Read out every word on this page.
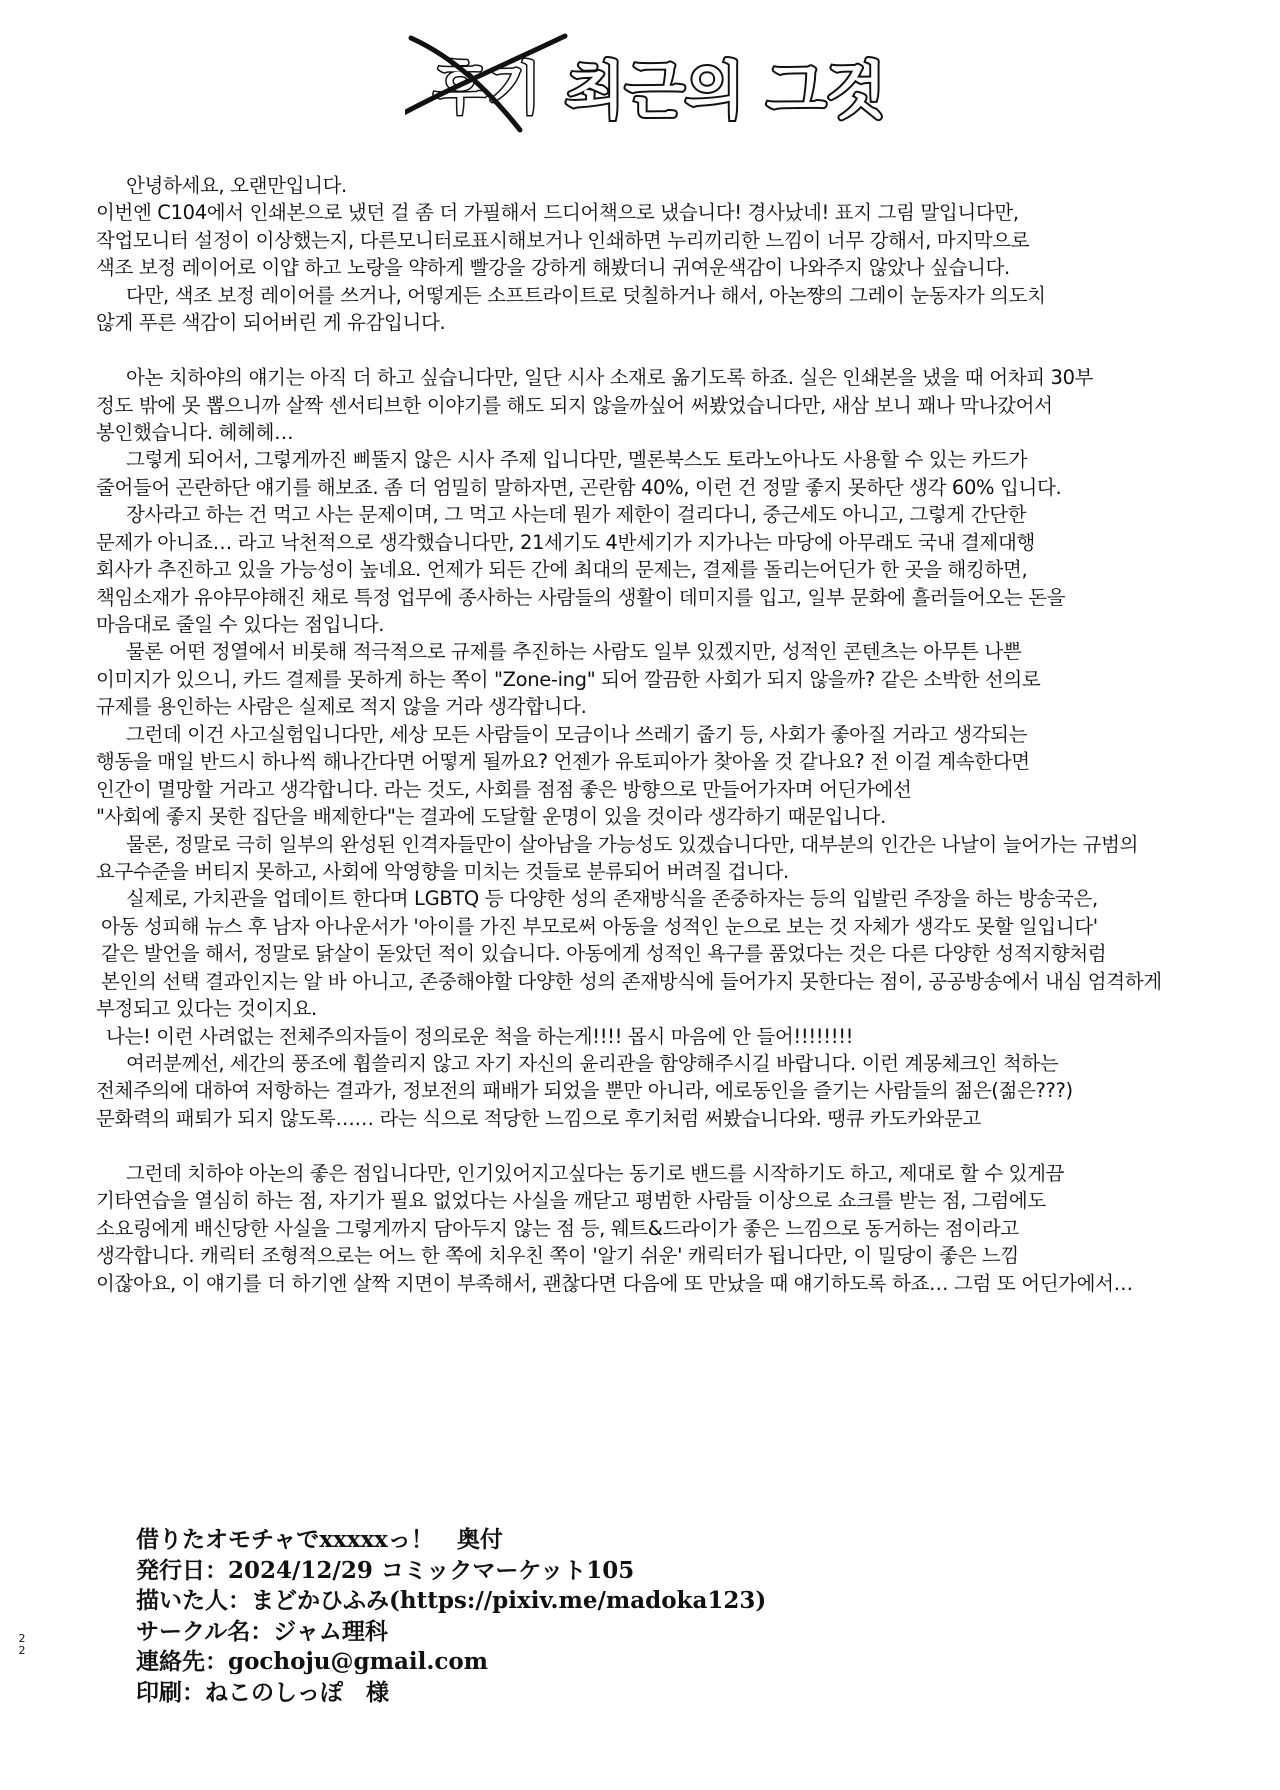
후기 최근의 그것
안녕하세요, 오랜만입니다.
이번엔 C104에서 인쇄본으로 냈던 걸 좀 더 가필해서 드디어책으로 냈습니다! 경사났네! 표지 그림 말입니다만,
작업모니터 설정이 이상했는지, 다른모니터로표시해보거나 인쇄하면 누리끼리한 느낌이 너무 강해서, 마지막으로
색조 보정 레이어로 이얍 하고 노랑을 약하게 빨강을 강하게 해봤더니 귀여운색감이 나와주지 않았나 싶습니다.
다만, 색조 보정 레이어를 쓰거나, 어떻게든 소프트라이트로 덧칠하거나 해서, 아논쨩의 그레이 눈동자가 의도치
않게 푸른 색감이 되어버린 게 유감입니다.
아논 치하야의 얘기는 아직 더 하고 싶습니다만, 일단 시사 소재로 옮기도록 하죠. 실은 인쇄본을 냈을 때 어차피 30부
정도 밖에 못 뽑으니까 살짝 센서티브한 이야기를 해도 되지 않을까싶어 써봤었습니다만, 새삼 보니 꽤나 막나갔어서
봉인했습니다. 헤헤헤…
그렇게 되어서, 그렇게까진 삐뚤지 않은 시사 주제 입니다만, 멜론북스도 토라노아나도 사용할 수 있는 카드가
줄어들어 곤란하단 얘기를 해보죠. 좀 더 엄밀히 말하자면, 곤란함 40%, 이런 건 정말 좋지 못하단 생각 60% 입니다.
장사라고 하는 건 먹고 사는 문제이며, 그 먹고 사는데 뭔가 제한이 걸리다니, 중근세도 아니고, 그렇게 간단한
문제가 아니죠… 라고 낙천적으로 생각했습니다만, 21세기도 4반세기가 지가나는 마당에 아무래도 국내 결제대행
회사가 추진하고 있을 가능성이 높네요. 언제가 되든 간에 최대의 문제는, 결제를 돌리는어딘가 한 곳을 해킹하면,
책임소재가 유야무야해진 채로 특정 업무에 종사하는 사람들의 생활이 데미지를 입고, 일부 문화에 흘러들어오는 돈을
마음대로 줄일 수 있다는 점입니다.
물론 어떤 정열에서 비롯해 적극적으로 규제를 추진하는 사람도 일부 있겠지만, 성적인 콘텐츠는 아무튼 나쁜
이미지가 있으니, 카드 결제를 못하게 하는 쪽이 "Zone-ing" 되어 깔끔한 사회가 되지 않을까? 같은 소박한 선의로
규제를 용인하는 사람은 실제로 적지 않을 거라 생각합니다.
그런데 이건 사고실험입니다만, 세상 모든 사람들이 모금이나 쓰레기 줍기 등, 사회가 좋아질 거라고 생각되는
행동을 매일 반드시 하나씩 해나간다면 어떻게 될까요? 언젠가 유토피아가 찾아올 것 같나요? 전 이걸 계속한다면
인간이 멸망할 거라고 생각합니다. 라는 것도, 사회를 점점 좋은 방향으로 만들어가자며 어딘가에선
"사회에 좋지 못한 집단을 배제한다"는 결과에 도달할 운명이 있을 것이라 생각하기 때문입니다.
물론, 정말로 극히 일부의 완성된 인격자들만이 살아남을 가능성도 있겠습니다만, 대부분의 인간은 나날이 늘어가는 규범의
요구수준을 버티지 못하고, 사회에 악영향을 미치는 것들로 분류되어 버려질 겁니다.
실제로, 가치관을 업데이트 한다며 LGBTQ 등 다양한 성의 존재방식을 존중하자는 등의 입발린 주장을 하는 방송국은,
아동 성피해 뉴스 후 남자 아나운서가 '아이를 가진 부모로써 아동을 성적인 눈으로 보는 것 자체가 생각도 못할 일입니다'
같은 발언을 해서, 정말로 닭살이 돋았던 적이 있습니다. 아동에게 성적인 욕구를 품었다는 것은 다른 다양한 성적지향처럼
본인의 선택 결과인지는 알 바 아니고, 존중해야할 다양한 성의 존재방식에 들어가지 못한다는 점이, 공공방송에서 내심 엄격하게
부정되고 있다는 것이지요.
나는! 이런 사려없는 전체주의자들이 정의로운 척을 하는게!!!! 몹시 마음에 안 들어!!!!!!!!
여러분께선, 세간의 풍조에 휩쓸리지 않고 자기 자신의 윤리관을 함양해주시길 바랍니다. 이런 계몽체크인 척하는
전체주의에 대하여 저항하는 결과가, 정보전의 패배가 되었을 뿐만 아니라, 에로동인을 즐기는 사람들의 젊은(젊은???)
문화력의 패퇴가 되지 않도록…… 라는 식으로 적당한 느낌으로 후기처럼 써봤습니다와. 땡큐 카도카와문고
그런데 치하야 아논의 좋은 점입니다만, 인기있어지고싶다는 동기로 밴드를 시작하기도 하고, 제대로 할 수 있게끔
기타연습을 열심히 하는 점, 자기가 필요 없었다는 사실을 깨닫고 평범한 사람들 이상으로 쇼크를 받는 점, 그럼에도
소요링에게 배신당한 사실을 그렇게까지 담아두지 않는 점 등, 웨트&드라이가 좋은 느낌으로 동거하는 점이라고
생각합니다. 캐릭터 조형적으로는 어느 한 쪽에 치우친 쪽이 '알기 쉬운' 캐릭터가 됩니다만, 이 밀당이 좋은 느낌
이잖아요, 이 얘기를 더 하기엔 살짝 지면이 부족해서, 괜찮다면 다음에 또 만났을 때 얘기하도록 하죠… 그럼 또 어딘가에서…
借りたオモチャでxxxxxっ！　奥付
発行日：2024/12/29 コミックマーケット105
描いた人：まどかひふみ(https://pixiv.me/madoka123)
サークル名：ジャム理科
連絡先：gochoju@gmail.com
印刷：ねこのしっぽ　様
22
